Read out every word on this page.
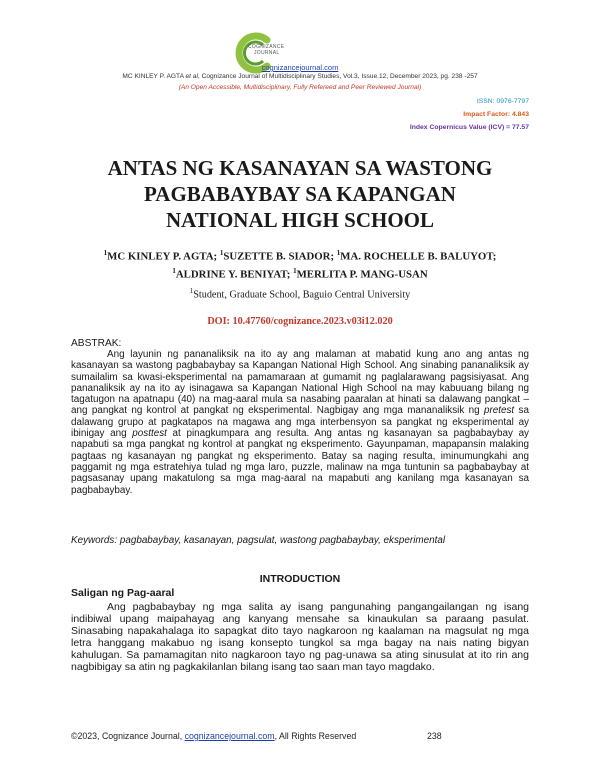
COGNIZANCE
JOURNAL
cognizancejournal.com
MC KINLEY P. AGTA et al, Cognizance Journal of Multidisciplinary Studies, Vol.3, Issue.12, December 2023, pg. 238 -257
(An Open Accessible, Multidisciplinary, Fully Refereed and Peer Reviewed Journal)
ISSN: 0976-7797
Impact Factor: 4.843
Index Copernicus Value (ICV) = 77.57
ANTAS NG KASANAYAN SA WASTONG
PAGBABAYBAY SA KAPANGAN
NATIONAL HIGH SCHOOL
$^1$MC KINLEY P. AGTA; $^1$SUZETTE B. SIADOR; $^1$MA. ROCHELLE B. BALUYOT;
$^1$ALDRINE Y. BENIYAT; $^1$MERLITA P. MANG-USAN
$^1$Student, Graduate School, Baguio Central University
DOI: 10.47760/cognizance.2023.v03i12.020
ABSTRAK:

Ang layunin ng pananaliksik na ito ay ang malaman at mabatid kung ano ang antas ng kasanayan sa wastong pagbabaybay sa Kapangan National High School. Ang sinabing pananaliksik ay sumailalim sa kwasi-eksperimental na pamamaraan at gumamit ng paglalarawang pagsisiyasat. Ang pananaliksik ay na ito ay isinagawa sa Kapangan National High School na may kabuuang bilang ng tagatugon na apatnapu (40) na mag-aaral mula sa nasabing paaralan at hinati sa dalawang pangkat – ang pangkat ng kontrol at pangkat ng eksperimental. Nagbigay ang mga mananaliksik ng pretest sa dalawang grupo at pagkatapos na magawa ang mga interbensyon sa pangkat ng eksperimental ay ibinigay ang posttest at pinagkumpara ang resulta. Ang antas ng kasanayan sa pagbabaybay ay napabuti sa mga pangkat ng kontrol at pangkat ng eksperimento. Gayunpaman, mapapansin malaking pagtaas ng kasanayan ng pangkat ng eksperimento. Batay sa naging resulta, iminumungkahi ang paggamit ng mga estratehiya tulad ng mga laro, puzzle, malinaw na mga tuntunin sa pagbabaybay at pagsasanay upang makatulong sa mga mag-aaral na mapabuti ang kanilang mga kasanayan sa pagbabaybay.

Keywords: pagbabaybay, kasanayan, pagsulat, wastong pagbabaybay, eksperimental
INTRODUCTION
Saligan ng Pag-aaral

Ang pagbabaybay ng mga salita ay isang pangunahing pangangailangan ng isang indibiwal upang maipahayag ang kanyang mensahe sa kinaukulan sa paraang pasulat. Sinasabing napakahalaga ito sapagkat dito tayo nagkaroon ng kaalaman na magsulat ng mga letra hanggang makabuo ng isang konsepto tungkol sa mga bagay na nais nating bigyan kahulugan. Sa pamamagitan nito nagkaroon tayo ng pag-unawa sa ating sinusulat at ito rin ang nagbibigay sa atin ng pagkakilanlan bilang isang tao saan man tayo magdako.

©2023, Cognizance Journal, cognizancejournal.com, All Rights Reserved	238
